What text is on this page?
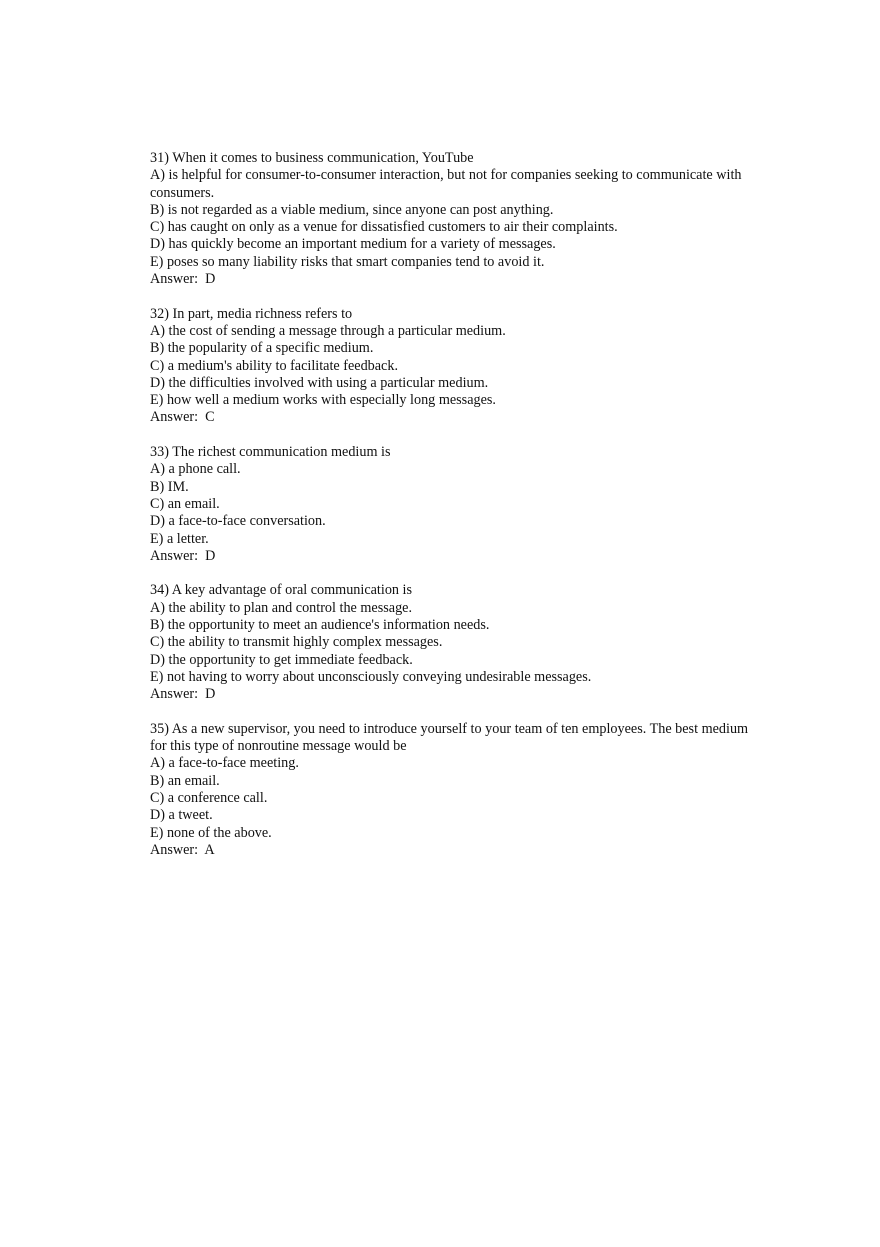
31) When it comes to business communication, YouTube
A) is helpful for consumer-to-consumer interaction, but not for companies seeking to communicate with consumers.
B) is not regarded as a viable medium, since anyone can post anything.
C) has caught on only as a venue for dissatisfied customers to air their complaints.
D) has quickly become an important medium for a variety of messages.
E) poses so many liability risks that smart companies tend to avoid it.
Answer: D
32) In part, media richness refers to
A) the cost of sending a message through a particular medium.
B) the popularity of a specific medium.
C) a medium's ability to facilitate feedback.
D) the difficulties involved with using a particular medium.
E) how well a medium works with especially long messages.
Answer: C
33) The richest communication medium is
A) a phone call.
B) IM.
C) an email.
D) a face-to-face conversation.
E) a letter.
Answer: D
34) A key advantage of oral communication is
A) the ability to plan and control the message.
B) the opportunity to meet an audience's information needs.
C) the ability to transmit highly complex messages.
D) the opportunity to get immediate feedback.
E) not having to worry about unconsciously conveying undesirable messages.
Answer: D
35) As a new supervisor, you need to introduce yourself to your team of ten employees. The best medium for this type of nonroutine message would be
A) a face-to-face meeting.
B) an email.
C) a conference call.
D) a tweet.
E) none of the above.
Answer: A
